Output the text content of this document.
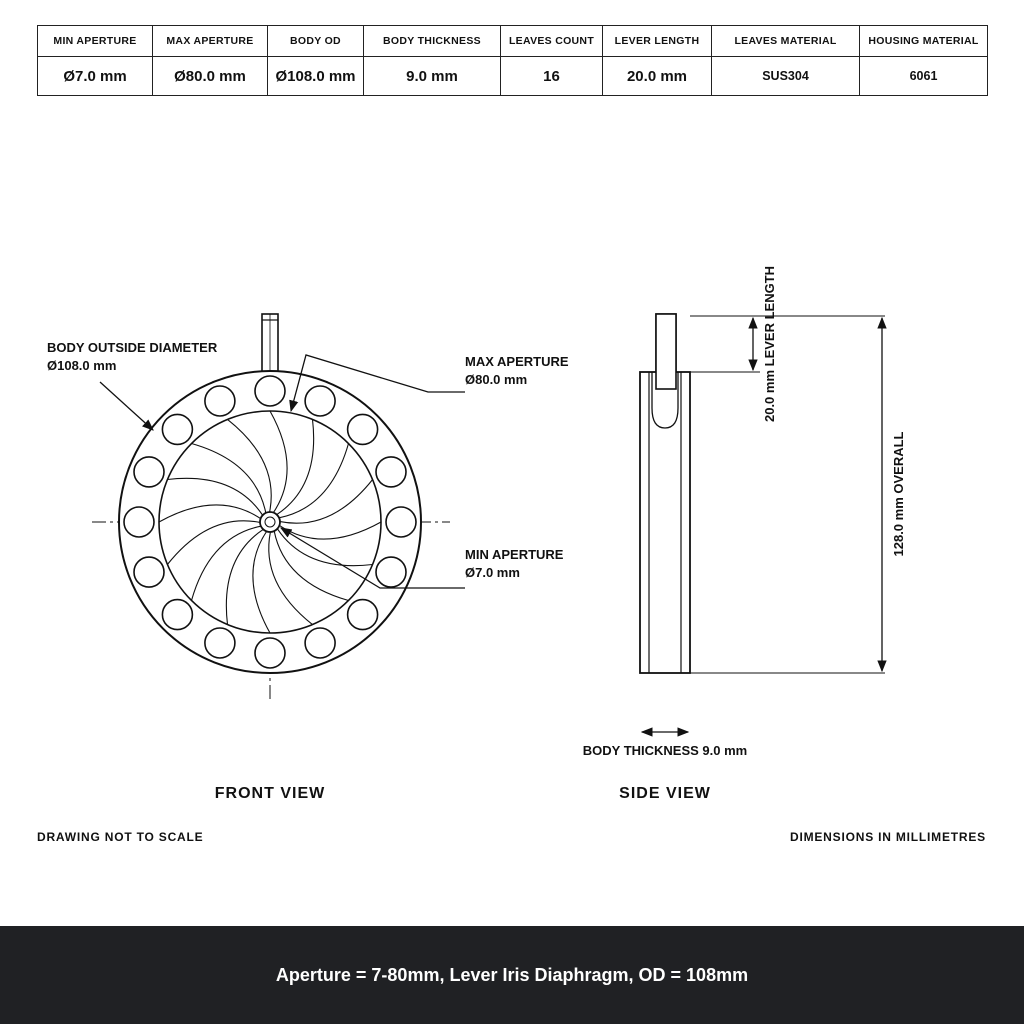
MIN APERTURE	MAX APERTURE	BODY OD	BODY THICKNESS	LEAVES COUNT	LEVER LENGTH	LEAVES MATERIAL	HOUSING MATERIAL
Ø7.0 mm	Ø80.0 mm	Ø108.0 mm	9.0 mm	16	20.0 mm	SUS304	6061
BODY OUTSIDE DIAMETER
Ø108.0 mm	MAX APERTURE
Ø80.0 mm
MIN APERTURE
Ø7.0 mm
FRONT VIEW
20.0 mm LEVER LENGTH
128.0 mm OVERALL
BODY THICKNESS 9.0 mm
SIDE VIEW
DRAWING NOT TO SCALE	DIMENSIONS IN MILLIMETRES
Aperture = 7-80mm, Lever Iris Diaphragm, OD = 108mm
